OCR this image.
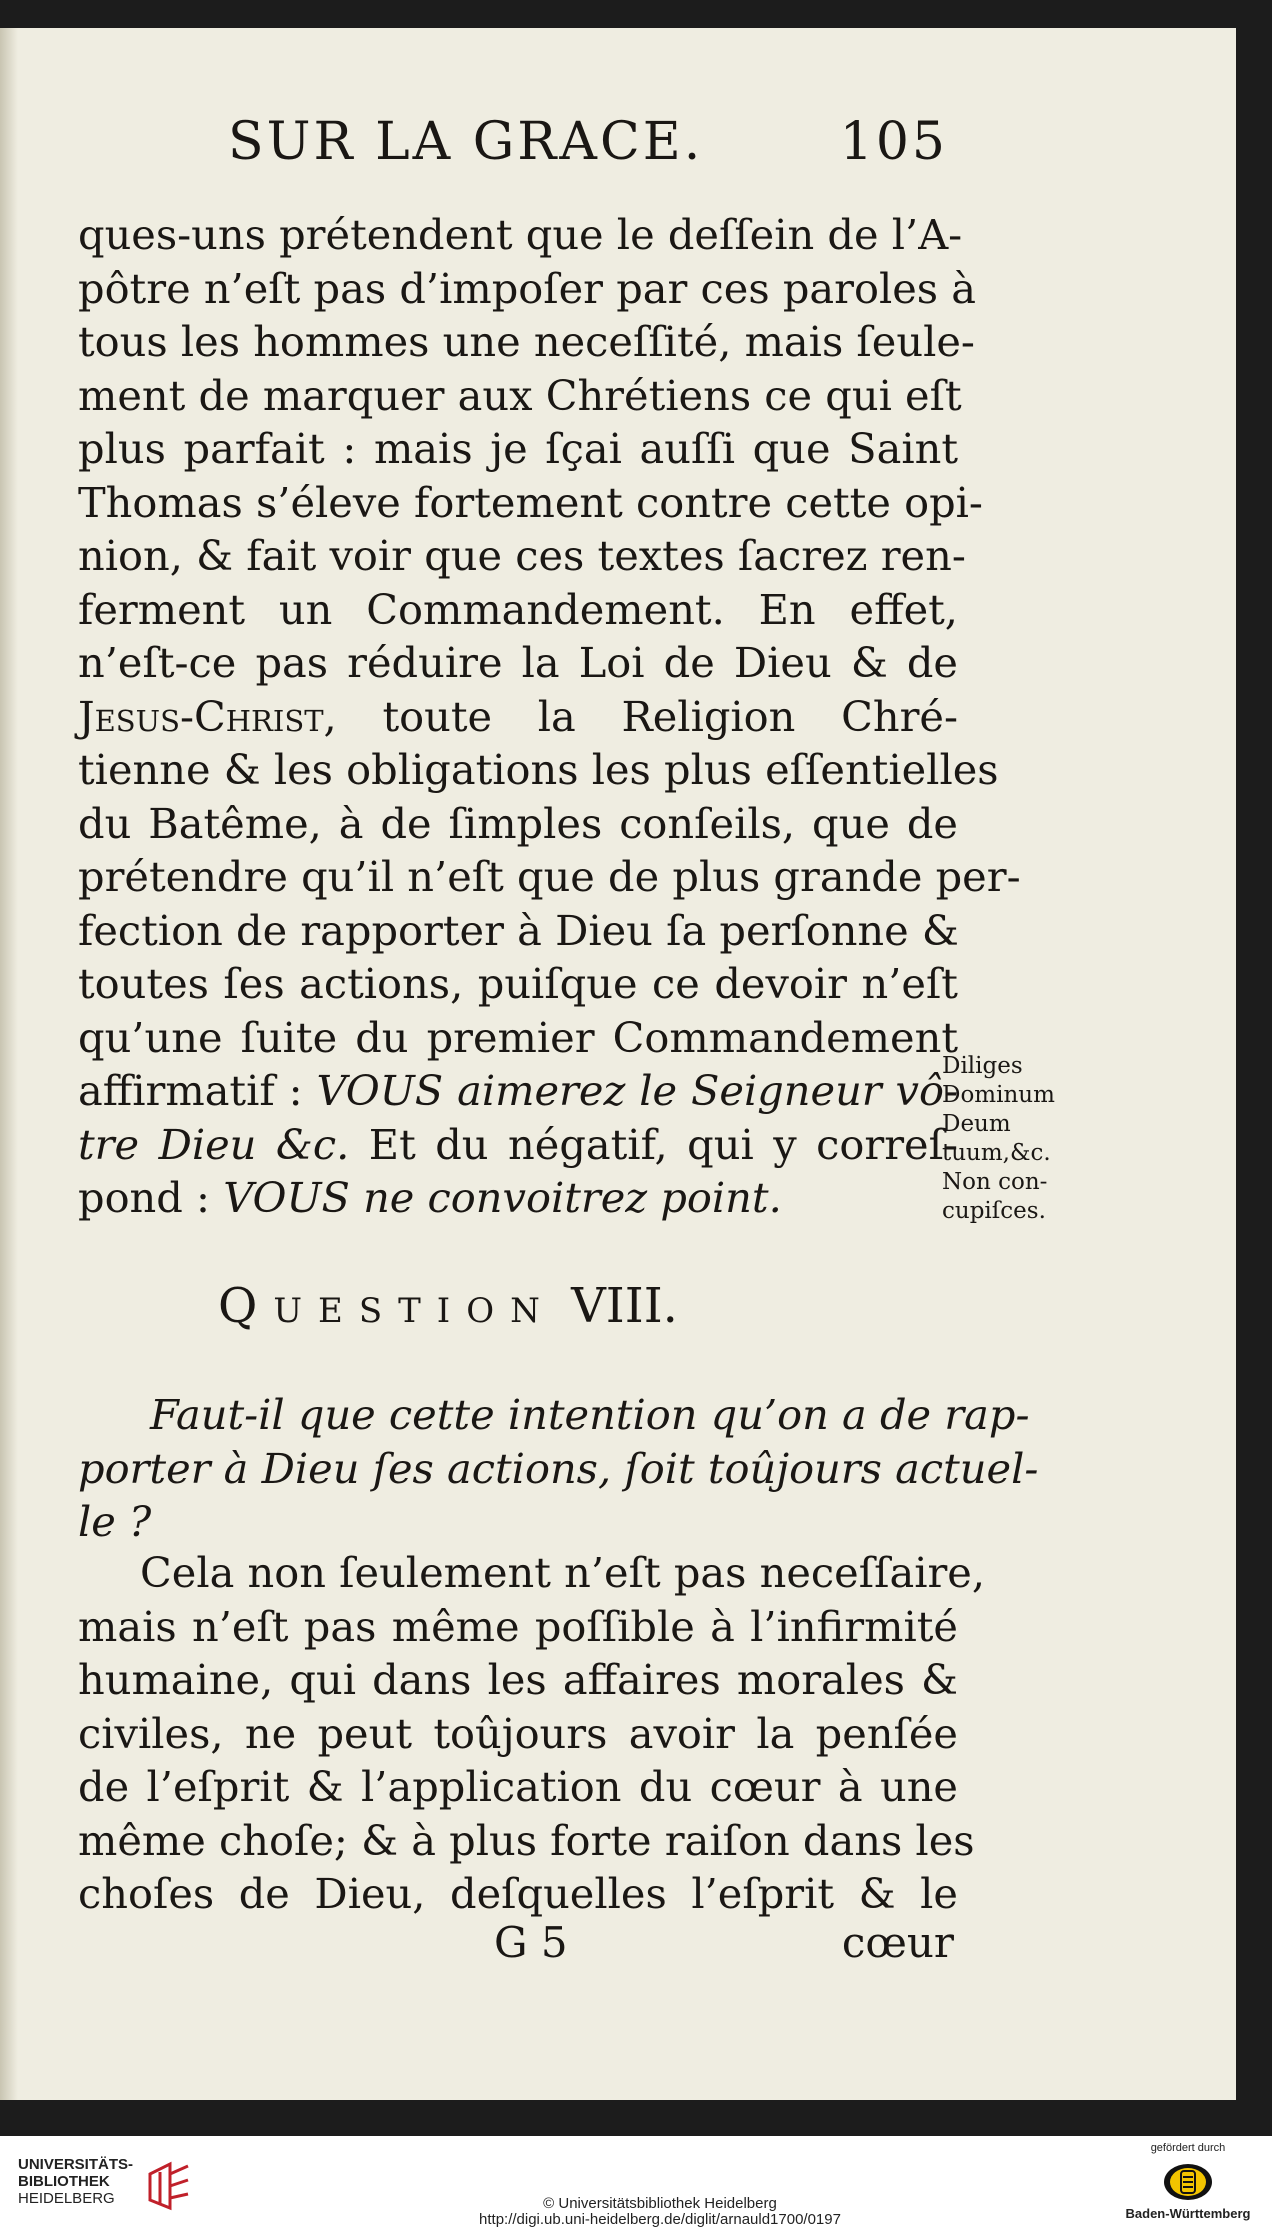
SUR LA GRACE.	105
ques-uns prétendent que le deſſein de l’A-
pôtre n’eſt pas d’impoſer par ces paroles à
tous les hommes une neceſſité, mais ſeule-
ment de marquer aux Chrétiens ce qui eſt
plus parfait : mais je ſçai auſſi que Saint
Thomas s’éleve fortement contre cette opi-
nion, & fait voir que ces textes ſacrez ren-
ferment un Commandement. En effet,
n’eſt-ce pas réduire la Loi de Dieu & de
Jesus-Christ, toute la Religion Chré-
tienne & les obligations les plus eſſentielles
du Batême, à de ſimples conſeils, que de
prétendre qu’il n’eſt que de plus grande per-
fection de rapporter à Dieu ſa perſonne &
toutes ſes actions, puiſque ce devoir n’eſt
qu’une ſuite du premier Commandement
affirmatif : VOUS aimerez le Seigneur vô-
tre Dieu &c. Et du négatif, qui y correſ-
pond : VOUS ne convoitrez point.
Diliges
Dominum
Deum
tuum,&c.
Non con-
cupiſces.
Question VIII.
Faut-il que cette intention qu’on a de rap-
porter à Dieu ſes actions, ſoit toûjours actuel-
le ?
Cela non ſeulement n’eſt pas neceſſaire,
mais n’eſt pas même poſſible à l’infirmité
humaine, qui dans les affaires morales &
civiles, ne peut toûjours avoir la penſée
de l’eſprit & l’application du cœur à une
même choſe; & à plus forte raiſon dans les
choſes de Dieu, deſquelles l’eſprit & le
G 5	cœur
UNIVERSITÄTS-
BIBLIOTHEK
HEIDELBERG	© Universitätsbibliothek Heidelberg
http://digi.ub.uni-heidelberg.de/diglit/arnauld1700/0197
gefördert durch
Baden-Württemberg
